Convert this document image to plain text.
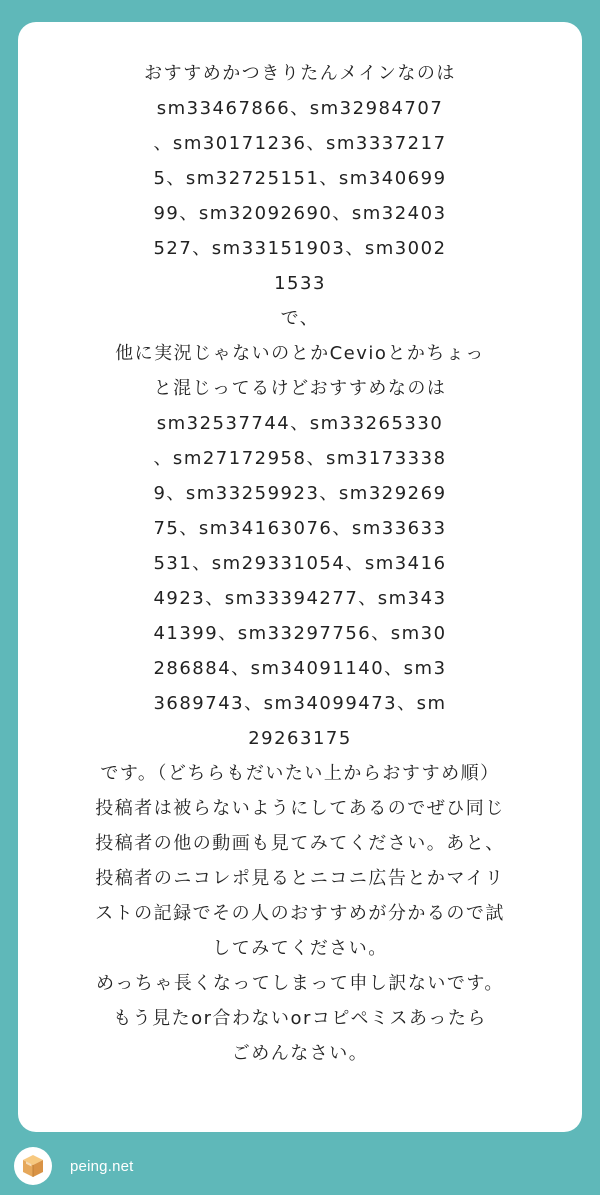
おすすめかつきりたんメインなのは
sm33467866、sm32984707
、sm30171236、sm3337217
5、sm32725151、sm340699
99、sm32092690、sm32403
527、sm33151903、sm3002
1533
で、
他に実況じゃないのとかCevioとかちょっ
と混じってるけどおすすめなのは
sm32537744、sm33265330
、sm27172958、sm3173338
9、sm33259923、sm329269
75、sm34163076、sm33633
531、sm29331054、sm3416
4923、sm33394277、sm343
41399、sm33297756、sm30
286884、sm34091140、sm3
3689743、sm34099473、sm
29263175
です。（どちらもだいたい上からおすすめ順）
投稿者は被らないようにしてあるのでぜひ同じ
投稿者の他の動画も見てみてください。あと、
投稿者のニコレポ見るとニコニ広告とかマイリ
ストの記録でその人のおすすめが分かるので試
してみてください。
めっちゃ長くなってしまって申し訳ないです。
もう見たor合わないorコピペミスあったら
ごめんなさい。

peing.net
